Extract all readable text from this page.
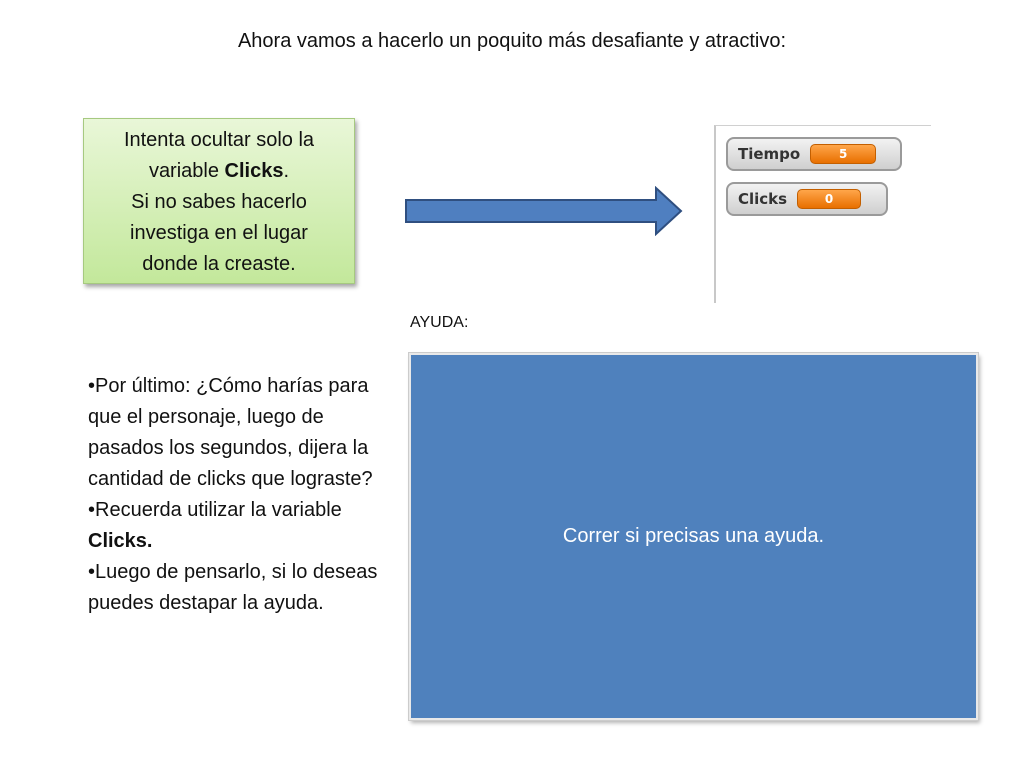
Ahora vamos a hacerlo un poquito más desafiante y atractivo:
Intenta ocultar solo la
variable Clicks.
Si no sabes hacerlo
investiga en el lugar
donde la creaste.
Tiempo	5
Clicks	0
AYUDA:

•Por último: ¿Cómo harías para que el personaje, luego de pasados los segundos, dijera la cantidad de clicks que lograste?

•Recuerda utilizar la variable Clicks.

•Luego de pensarlo, si lo deseas puedes destapar la ayuda.

Correr si precisas una ayuda.
